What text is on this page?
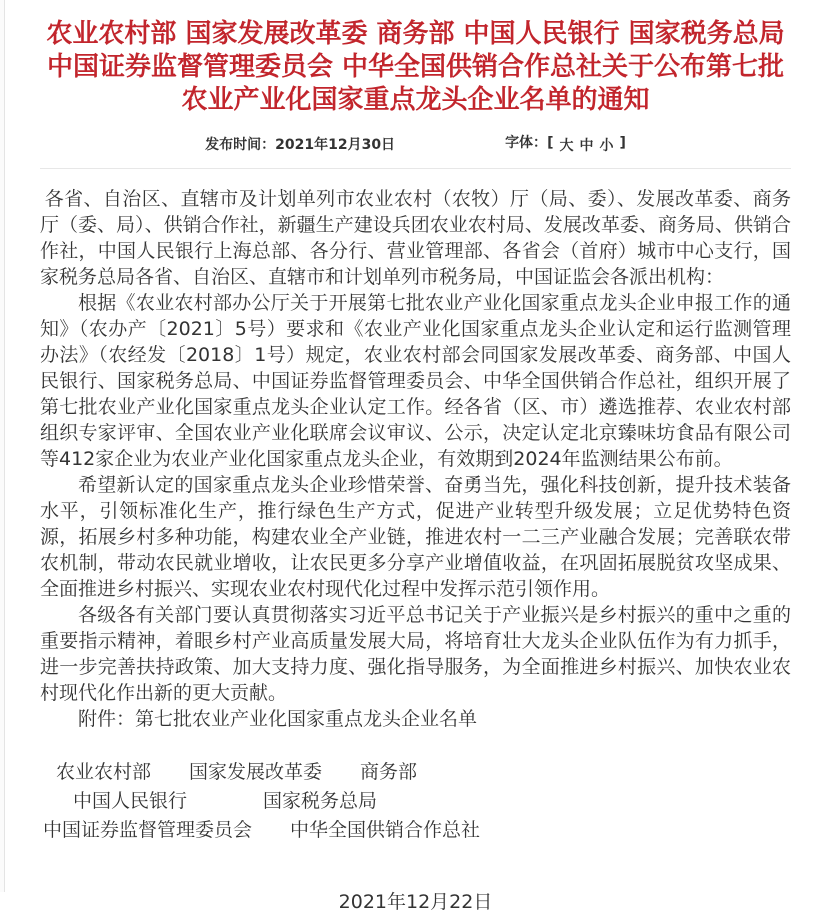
农业农村部 国家发展改革委 商务部 中国人民银行 国家税务总局
中国证券监督管理委员会 中华全国供销合作总社关于公布第七批
农业产业化国家重点龙头企业名单的通知
发布时间：2021年12月30日	字体： [ 大 中 小 ]

各省、自治区、直辖市及计划单列市农业农村（农牧）厅（局、委）、发展改革委、商务厅（委、局）、供销合作社，新疆生产建设兵团农业农村局、发展改革委、商务局、供销合作社，中国人民银行上海总部、各分行、营业管理部、各省会（首府）城市中心支行，国家税务总局各省、自治区、直辖市和计划单列市税务局，中国证监会各派出机构：

根据《农业农村部办公厅关于开展第七批农业产业化国家重点龙头企业申报工作的通知》（农办产〔2021〕5号）要求和《农业产业化国家重点龙头企业认定和运行监测管理办法》（农经发〔2018〕1号）规定，农业农村部会同国家发展改革委、商务部、中国人民银行、国家税务总局、中国证券监督管理委员会、中华全国供销合作总社，组织开展了第七批农业产业化国家重点龙头企业认定工作。经各省（区、市）遴选推荐、农业农村部组织专家评审、全国农业产业化联席会议审议、公示，决定认定北京臻味坊食品有限公司等412家企业为农业产业化国家重点龙头企业，有效期到2024年监测结果公布前。

希望新认定的国家重点龙头企业珍惜荣誉、奋勇当先，强化科技创新，提升技术装备水平，引领标准化生产，推行绿色生产方式，促进产业转型升级发展；立足优势特色资源，拓展乡村多种功能，构建农业全产业链，推进农村一二三产业融合发展；完善联农带农机制，带动农民就业增收，让农民更多分享产业增值收益，在巩固拓展脱贫攻坚成果、全面推进乡村振兴、实现农业农村现代化过程中发挥示范引领作用。

各级各有关部门要认真贯彻落实习近平总书记关于产业振兴是乡村振兴的重中之重的重要指示精神，着眼乡村产业高质量发展大局，将培育壮大龙头企业队伍作为有力抓手，进一步完善扶持政策、加大支持力度、强化指导服务，为全面推进乡村振兴、加快农业农村现代化作出新的更大贡献。

附件：第七批农业产业化国家重点龙头企业名单

农业农村部　　国家发展改革委　　商务部
中国人民银行　　　　国家税务总局
中国证券监督管理委员会　　中华全国供销合作总社
2021年12月22日
